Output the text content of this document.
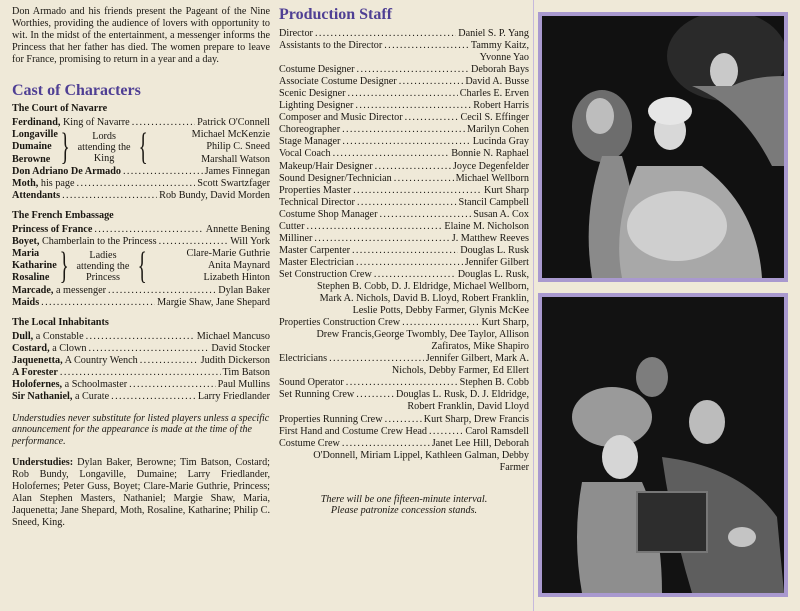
Don Armado and his friends present the Pageant of the Nine Worthies, providing the audience of lovers with opportunity to wit. In the midst of the entertainment, a messenger informs the Princess that her father has died. The women prepare to leave for France, promising to return in a year and a day.

Cast of Characters
The Court of Navarre
Ferdinand, King of Navarre . . .	Patrick O'Connell
Longaville
Dumaine
Berowne }	Lords attending the King {	Michael McKenzie
Philip C. Sneed
Marshall Watson
Don Adriano De Armado . . .	James Finnegan
Moth, his page . . .	Scott Swartzfager
Attendants . . .	Rob Bundy, David Morden
The French Embassage
Princess of France . . .	Annette Bening
Boyet, Chamberlain to the Princess . . .	Will York
Maria
Katharine
Rosaline }	Ladies attending the Princess {	Clare-Marie Guthrie
Anita Maynard
Lizabeth Hinton
Marcade, a messenger . . .	Dylan Baker
Maids . . .	Margie Shaw, Jane Shepard
The Local Inhabitants
Dull, a Constable . . .	Michael Mancuso
Costard, a Clown . . .	David Stocker
Jaquenetta, A Country Wench . . .	Judith Dickerson
A Forester . . .	Tim Batson
Holofernes, a Schoolmaster . . .	Paul Mullins
Sir Nathaniel, a Curate . . .	Larry Friedlander

Understudies never substitute for listed players unless a specific announcement for the appearance is made at the time of the performance.

Understudies: Dylan Baker, Berowne; Tim Batson, Costard; Rob Bundy, Longaville, Dumaine; Larry Friedlander, Holofernes; Peter Guss, Boyet; Clare-Marie Guthrie, Princess; Alan Stephen Masters, Nathaniel; Margie Shaw, Maria, Jaquenetta; Jane Shepard, Moth, Rosaline, Katharine; Philip C. Sneed, King.

Production Staff
Director . . .	Daniel S. P. Yang
Assistants to the Director . . .	Tammy Kaitz,
Yvonne Yao
Costume Designer . . .	Deborah Bays
Associate Costume Designer . . .	David A. Busse
Scenic Designer . . .	Charles E. Erven
Lighting Designer . . .	Robert Harris
Composer and Music Director . . .	Cecil S. Effinger
Choreographer . . .	Marilyn Cohen
Stage Manager . . .	Lucinda Gray
Vocal Coach . . .	Bonnie N. Raphael
Makeup/Hair Designer . . .	Joyce Degenfelder
Sound Designer/Technician . . .	Michael Wellborn
Properties Master . . .	Kurt Sharp
Technical Director . . .	Stancil Campbell
Costume Shop Manager . . .	Susan A. Cox
Cutter . . .	Elaine M. Nicholson
Milliner . . .	J. Matthew Reeves
Master Carpenter . . .	Douglas L. Rusk
Master Electrician . . .	Jennifer Gilbert
Set Construction Crew . . .	Douglas L. Rusk,
Stephen B. Cobb, D. J. Eldridge, Michael Wellborn, Mark A. Nichols, David B. Lloyd, Robert Franklin, Leslie Potts, Debby Farmer, Glynis McKee
Properties Construction Crew . . .	Kurt Sharp,
Drew Francis,George Twombly, Dee Taylor, Allison Zafiratos, Mike Shapiro
Electricians . . .	Jennifer Gilbert, Mark A.
Nichols, Debby Farmer, Ed Ellert
Sound Operator . . .	Stephen B. Cobb
Set Running Crew . . .	Douglas L. Rusk, D. J. Eldridge,
Robert Franklin, David Lloyd
Properties Running Crew . . .	Kurt Sharp, Drew Francis
First Hand and Costume Crew Head . . .	Carol Ramsdell
Costume Crew . . .	Janet Lee Hill, Deborah
O'Donnell, Miriam Lippel, Kathleen Galman, Debby Farmer
There will be one fifteen-minute interval.
Please patronize concession stands.
